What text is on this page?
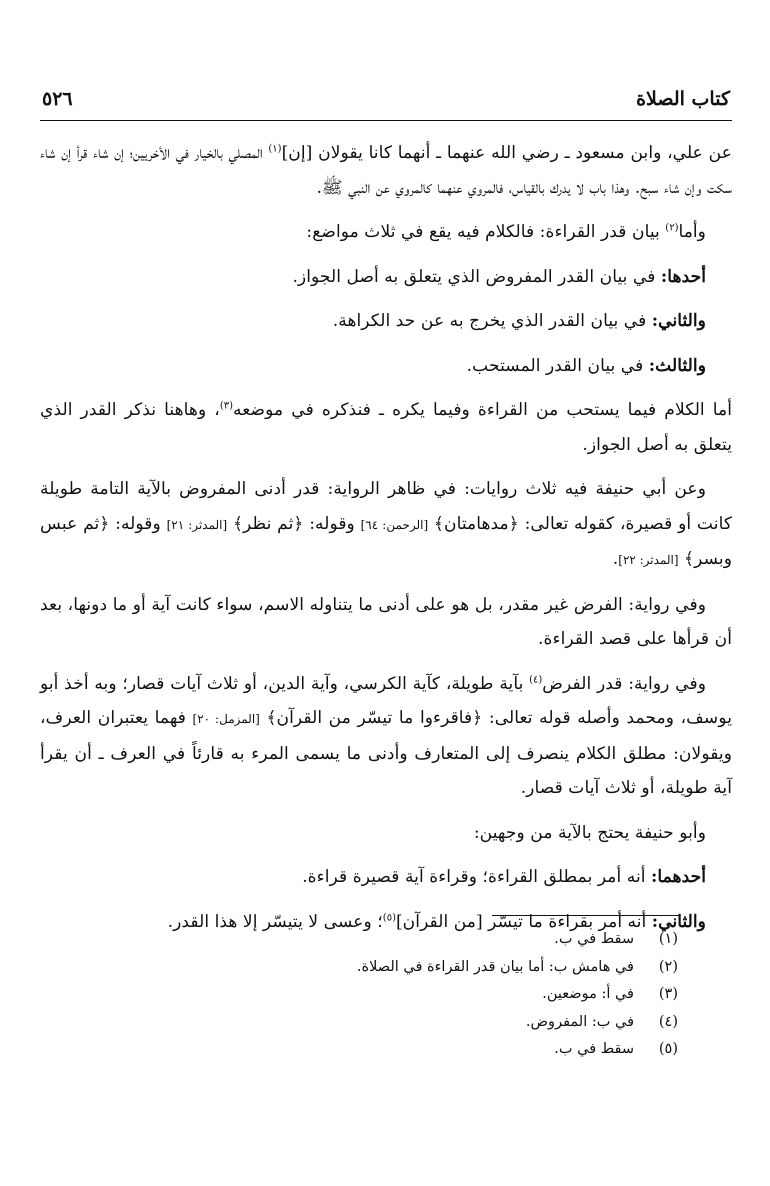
كتاب الصلاة
٥٢٦

عن علي، وابن مسعود ـ رضي الله عنهما ـ أنهما كانا يقولان [إن]$^{(١)}$ المصلي بالخيار في الأخريين؛ إن شاء قرأ إن شاء سكت وإن شاء سبح. وهذا باب لا يدرك بالقياس، فالمروي عنهما كالمروي عن النبي ﷺ.

وأما$^{(٢)}$ بيان قدر القراءة: فالكلام فيه يقع في ثلاث مواضع:

أحدها: في بيان القدر المفروض الذي يتعلق به أصل الجواز.

والثاني: في بيان القدر الذي يخرج به عن حد الكراهة.

والثالث: في بيان القدر المستحب.

أما الكلام فيما يستحب من القراءة وفيما يكره ـ فنذكره في موضعه$^{(٣)}$، وهاهنا نذكر القدر الذي يتعلق به أصل الجواز.

وعن أبي حنيفة فيه ثلاث روايات: في ظاهر الرواية: قدر أدنى المفروض بالآية التامة طويلة كانت أو قصيرة، كقوله تعالى: ﴿مدهامتان﴾ [الرحمن: ٦٤] وقوله: ﴿ثم نظر﴾ [المدثر: ٢١] وقوله: ﴿ثم عبس وبسر﴾ [المدثر: ٢٢].

وفي رواية: الفرض غير مقدر، بل هو على أدنى ما يتناوله الاسم، سواء كانت آية أو ما دونها، بعد أن قرأها على قصد القراءة.

وفي رواية: قدر الفرض$^{(٤)}$ بآية طويلة، كآية الكرسي، وآية الدين، أو ثلاث آيات قصار؛ وبه أخذ أبو يوسف، ومحمد وأصله قوله تعالى: ﴿فاقرءوا ما تيسّر من القرآن﴾ [المزمل: ٢٠] فهما يعتبران العرف، ويقولان: مطلق الكلام ينصرف إلى المتعارف وأدنى ما يسمى المرء به قارئاً في العرف ـ أن يقرأ آية طويلة، أو ثلاث آيات قصار.

وأبو حنيفة يحتج بالآية من وجهين:

أحدهما: أنه أمر بمطلق القراءة؛ وقراءة آية قصيرة قراءة.

والثاني: أنه أمر بقراءة ما تيسّر [من القرآن]$^{(٥)}$؛ وعسى لا يتيسّر إلا هذا القدر.

(١)
سقط في ب.
(٢)
في هامش ب: أما بيان قدر القراءة في الصلاة.
(٣)
في أ: موضعين.
(٤)
في ب: المفروض.
(٥)
سقط في ب.
